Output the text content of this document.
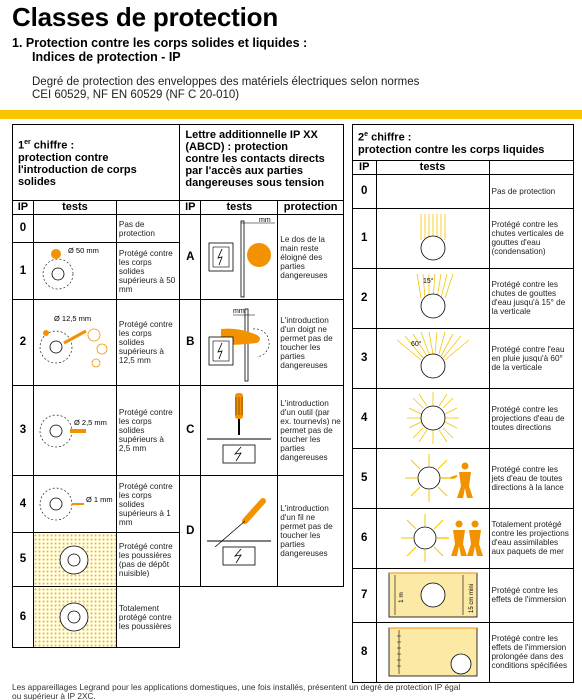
Classes de protection
1. Protection contre les corps solides et liquides :
Indices de protection - IP
Degré de protection des enveloppes des matériels électriques selon normes
CEI 60529, NF EN 60529 (NF C 20-010)
1er chiffre :
protection contre
l'introduction de corps
solides			Lettre additionnelle IP XX
(ABCD) : protection
contre les contacts directs
par l'accès aux parties
dangereuses sous tension		
IP	tests		IP	tests	protection
0		Pas de protection	A	mm	Le dos de la main reste éloigné des parties dangereuses
1	Ø 50 mm	Protégé contre les corps solides supérieurs à 50 mm			
2	Ø 12,5 mm	Protégé contre les corps solides supérieurs à 12,5 mm	B	mm	L'introduction d'un doigt ne permet pas de toucher les parties dangereuses
3	Ø 2,5 mm	Protégé contre les corps solides supérieurs à 2,5 mm	C		L'introduction d'un outil (par ex. tournevis) ne permet pas de toucher les parties dangereuses
4	Ø 1 mm	Protégé contre les corps solides supérieurs à 1 mm	D		L'introduction d'un fil ne permet pas de toucher les parties dangereuses
5		Protégé contre les poussières (pas de dépôt nuisible)			
6		Totalement protégé contre les poussières			
2e chiffre :
protection contre les corps liquides		
IP	tests	
0		Pas de protection
1		Protégé contre les chutes verticales de gouttes d'eau (condensation)
2	15°	Protégé contre les chutes de gouttes d'eau jusqu'à 15° de la verticale
3	60°	Protégé contre l'eau en pluie jusqu'à 60° de la verticale
4		Protégé contre les projections d'eau de toutes directions
5		Protégé contre les jets d'eau de toutes directions à la lance
6		Totalement protégé contre les projections d'eau assimilables aux paquets de mer
7	1 m 15 cm mini	Protégé contre les effets de l'immersion
8		Protégé contre les effets de l'immersion prolongée dans des conditions spécifiées
Les appareillages Legrand pour les applications domestiques, une fois installés, présentent un degré de protection IP égal
ou supérieur à IP 2XC.
